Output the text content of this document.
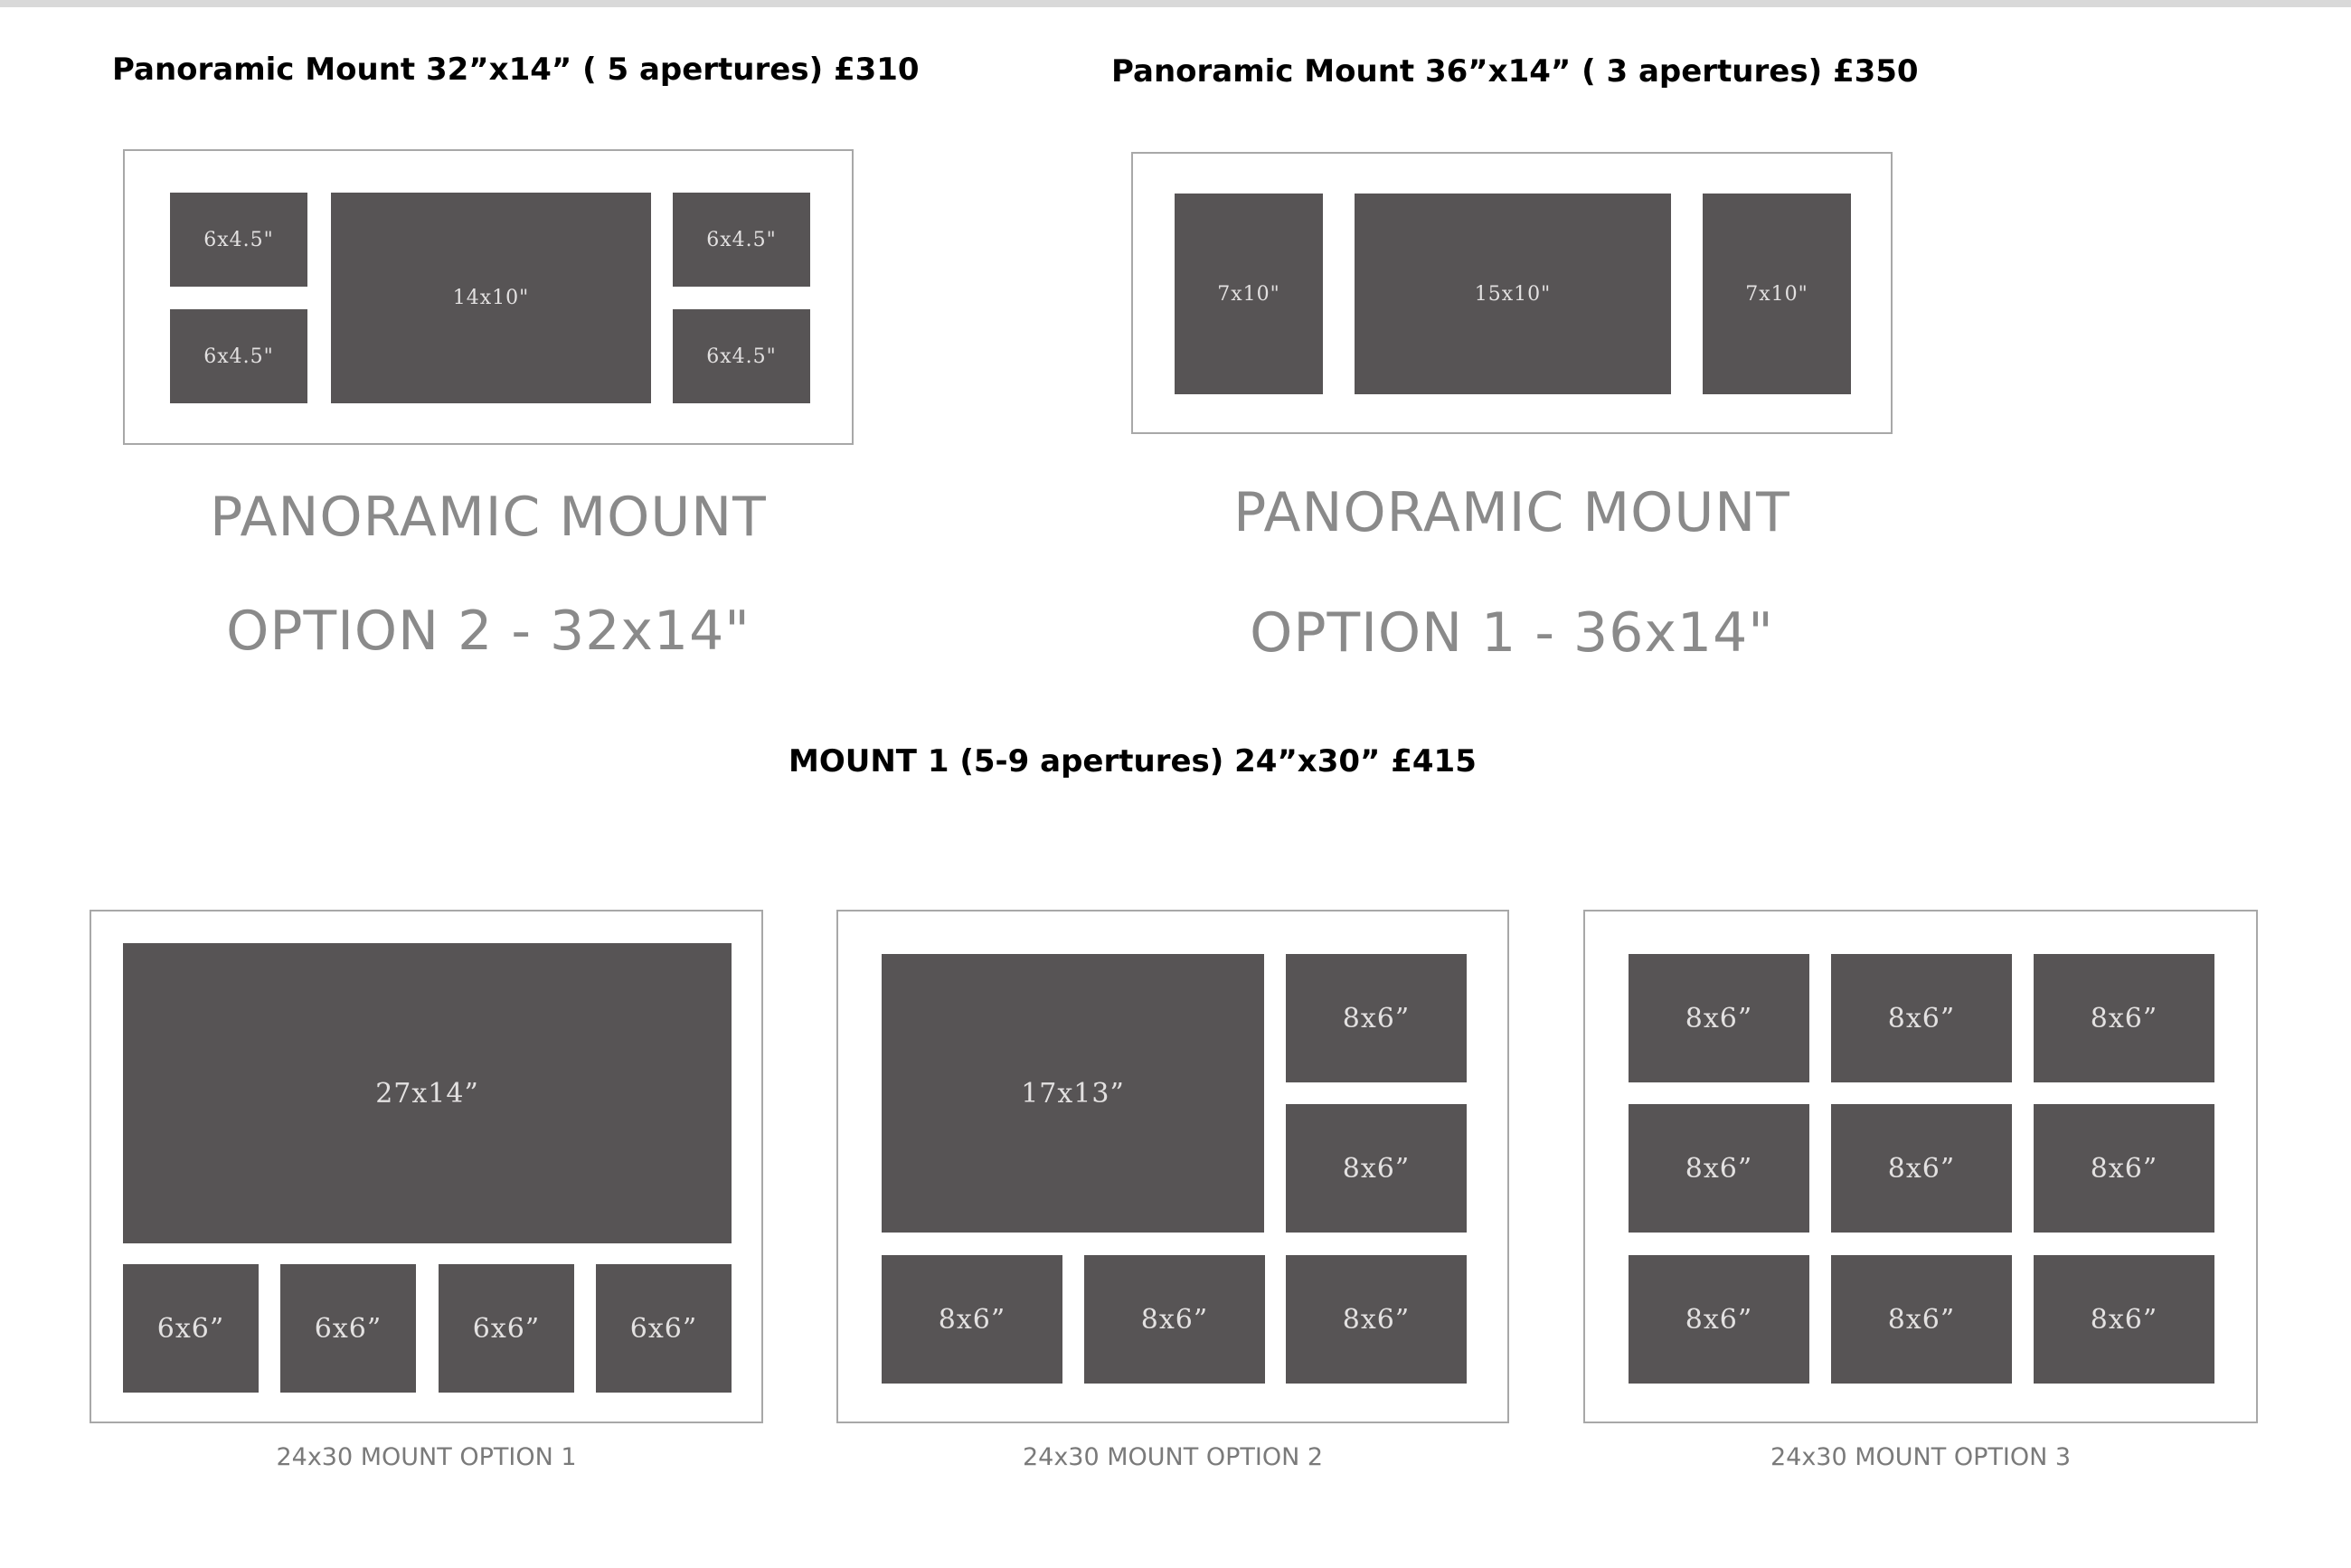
Panoramic Mount 32”x14” ( 5 apertures) £310	Panoramic Mount 36”x14” ( 3 apertures) £350
MOUNT 1 (5-9 apertures) 24”x30” £415
6x4.5"
6x4.5"
14x10"
6x4.5"
6x4.5"
PANORAMIC MOUNT
OPTION 2 - 32x14"
7x10"	15x10"	7x10"
PANORAMIC MOUNT
OPTION 1 - 36x14"
27x14”
6x6”	6x6”	6x6”	6x6”
24x30 MOUNT OPTION 1
17x13”
8x6”
8x6”
8x6”	8x6”	8x6”
24x30 MOUNT OPTION 2
8x6”	8x6”	8x6”
8x6”	8x6”	8x6”
8x6”	8x6”	8x6”
24x30 MOUNT OPTION 3
